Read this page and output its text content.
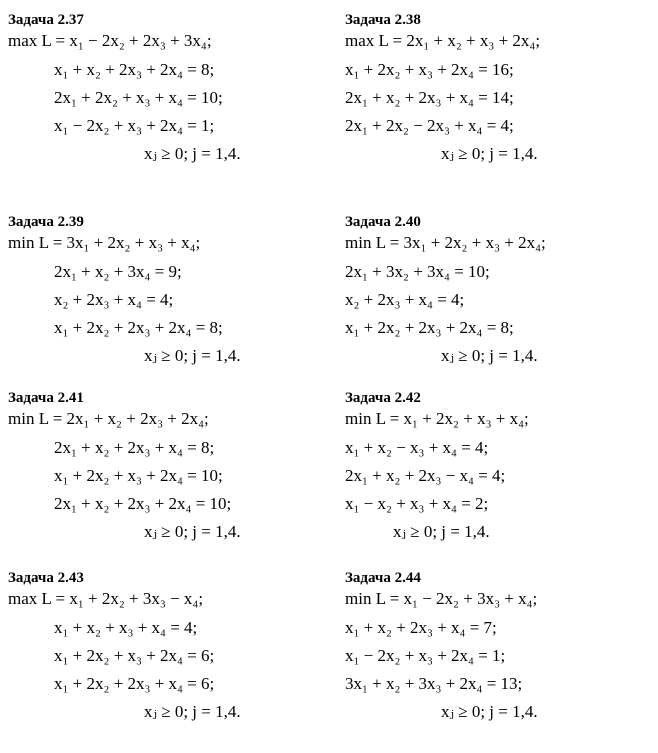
Задача 2.37
max L = x₁ − 2x₂ + 2x₃ + 3x₄;
x₁ + x₂ + 2x₃ + 2x₄ = 8;
2x₁ + 2x₂ + x₃ + x₄ = 10;
x₁ − 2x₂ + x₃ + 2x₄ = 1;
xⱼ ≥ 0; j = 1,4.
Задача 2.38
max L = 2x₁ + x₂ + x₃ + 2x₄;
x₁ + 2x₂ + x₃ + 2x₄ = 16;
2x₁ + x₂ + 2x₃ + x₄ = 14;
2x₁ + 2x₂ − 2x₃ + x₄ = 4;
xⱼ ≥ 0; j = 1,4.
Задача 2.39
min L = 3x₁ + 2x₂ + x₃ + x₄;
2x₁ + x₂ + 3x₄ = 9;
x₂ + 2x₃ + x₄ = 4;
x₁ + 2x₂ + 2x₃ + 2x₄ = 8;
xⱼ ≥ 0; j = 1,4.
Задача 2.40
min L = 3x₁ + 2x₂ + x₃ + 2x₄;
2x₁ + 3x₂ + 3x₄ = 10;
x₂ + 2x₃ + x₄ = 4;
x₁ + 2x₂ + 2x₃ + 2x₄ = 8;
xⱼ ≥ 0; j = 1,4.
Задача 2.41
min L = 2x₁ + x₂ + 2x₃ + 2x₄;
2x₁ + x₂ + 2x₃ + x₄ = 8;
x₁ + 2x₂ + x₃ + 2x₄ = 10;
2x₁ + x₂ + 2x₃ + 2x₄ = 10;
xⱼ ≥ 0; j = 1,4.
Задача 2.42
min L = x₁ + 2x₂ + x₃ + x₄;
x₁ + x₂ − x₃ + x₄ = 4;
2x₁ + x₂ + 2x₃ − x₄ = 4;
x₁ − x₂ + x₃ + x₄ = 2;
xⱼ ≥ 0; j = 1,4.
Задача 2.43
max L = x₁ + 2x₂ + 3x₃ − x₄;
x₁ + x₂ + x₃ + x₄ = 4;
x₁ + 2x₂ + x₃ + 2x₄ = 6;
x₁ + 2x₂ + 2x₃ + x₄ = 6;
xⱼ ≥ 0; j = 1,4.
Задача 2.44
min L = x₁ − 2x₂ + 3x₃ + x₄;
x₁ + x₂ + 2x₃ + x₄ = 7;
x₁ − 2x₂ + x₃ + 2x₄ = 1;
3x₁ + x₂ + 3x₃ + 2x₄ = 13;
xⱼ ≥ 0; j = 1,4.
